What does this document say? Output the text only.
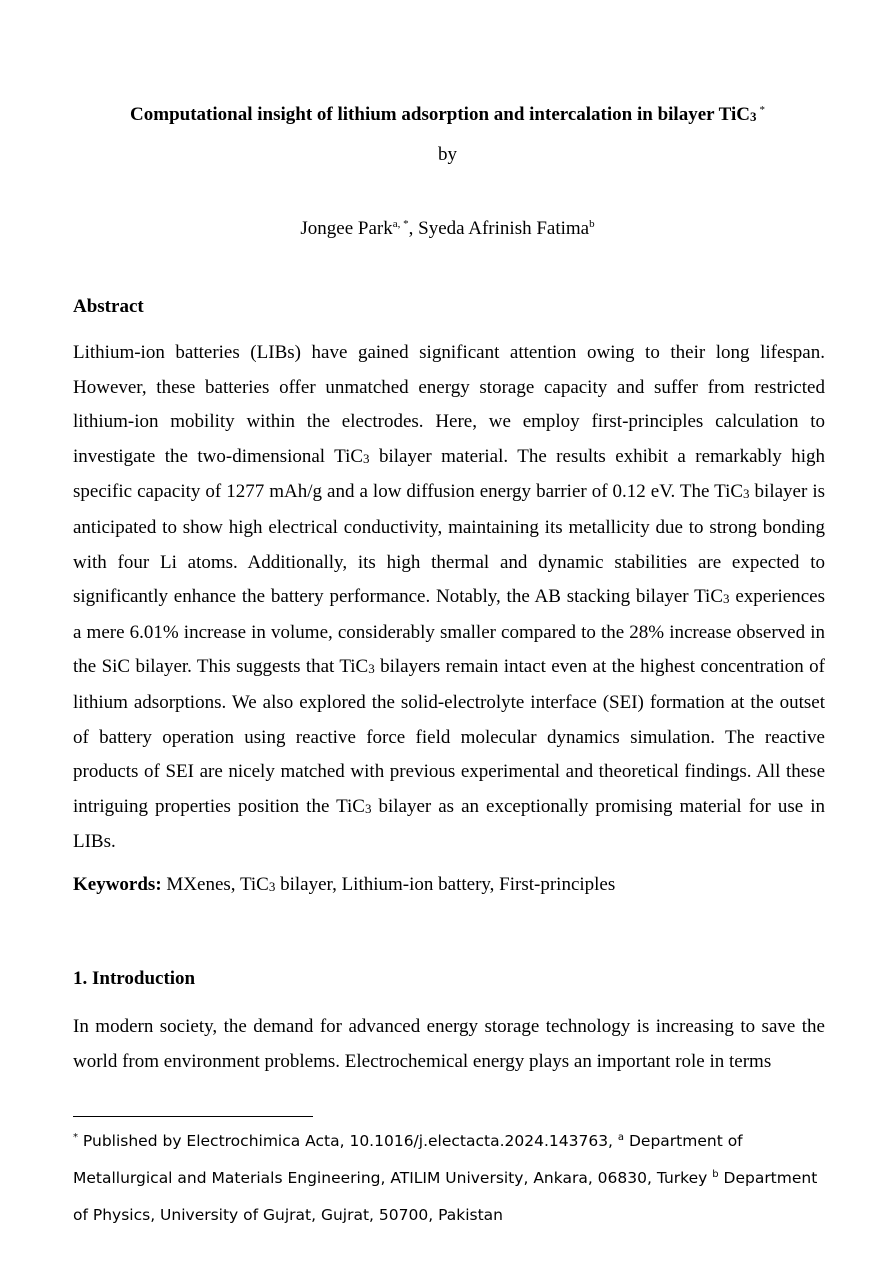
Computational insight of lithium adsorption and intercalation in bilayer TiC$_3$ *
by
Jongee Park$^{a, *}$, Syeda Afrinish Fatima$^b$
Abstract
Lithium-ion batteries (LIBs) have gained significant attention owing to their long lifespan. However, these batteries offer unmatched energy storage capacity and suffer from restricted lithium-ion mobility within the electrodes. Here, we employ first-principles calculation to investigate the two-dimensional TiC$_3$ bilayer material. The results exhibit a remarkably high specific capacity of 1277 mAh/g and a low diffusion energy barrier of 0.12 eV. The TiC$_3$ bilayer is anticipated to show high electrical conductivity, maintaining its metallicity due to strong bonding with four Li atoms. Additionally, its high thermal and dynamic stabilities are expected to significantly enhance the battery performance. Notably, the AB stacking bilayer TiC$_3$ experiences a mere 6.01% increase in volume, considerably smaller compared to the 28% increase observed in the SiC bilayer. This suggests that TiC$_3$ bilayers remain intact even at the highest concentration of lithium adsorptions. We also explored the solid-electrolyte interface (SEI) formation at the outset of battery operation using reactive force field molecular dynamics simulation. The reactive products of SEI are nicely matched with previous experimental and theoretical findings. All these intriguing properties position the TiC$_3$ bilayer as an exceptionally promising material for use in LIBs.
Keywords: MXenes, TiC$_3$ bilayer, Lithium-ion battery, First-principles
1. Introduction
In modern society, the demand for advanced energy storage technology is increasing to save the world from environment problems. Electrochemical energy plays an important role in terms
* Published by Electrochimica Acta, 10.1016/j.electacta.2024.143763, $^a$ Department of Metallurgical and Materials Engineering, ATILIM University, Ankara, 06830, Turkey $^b$ Department of Physics, University of Gujrat, Gujrat, 50700, Pakistan
